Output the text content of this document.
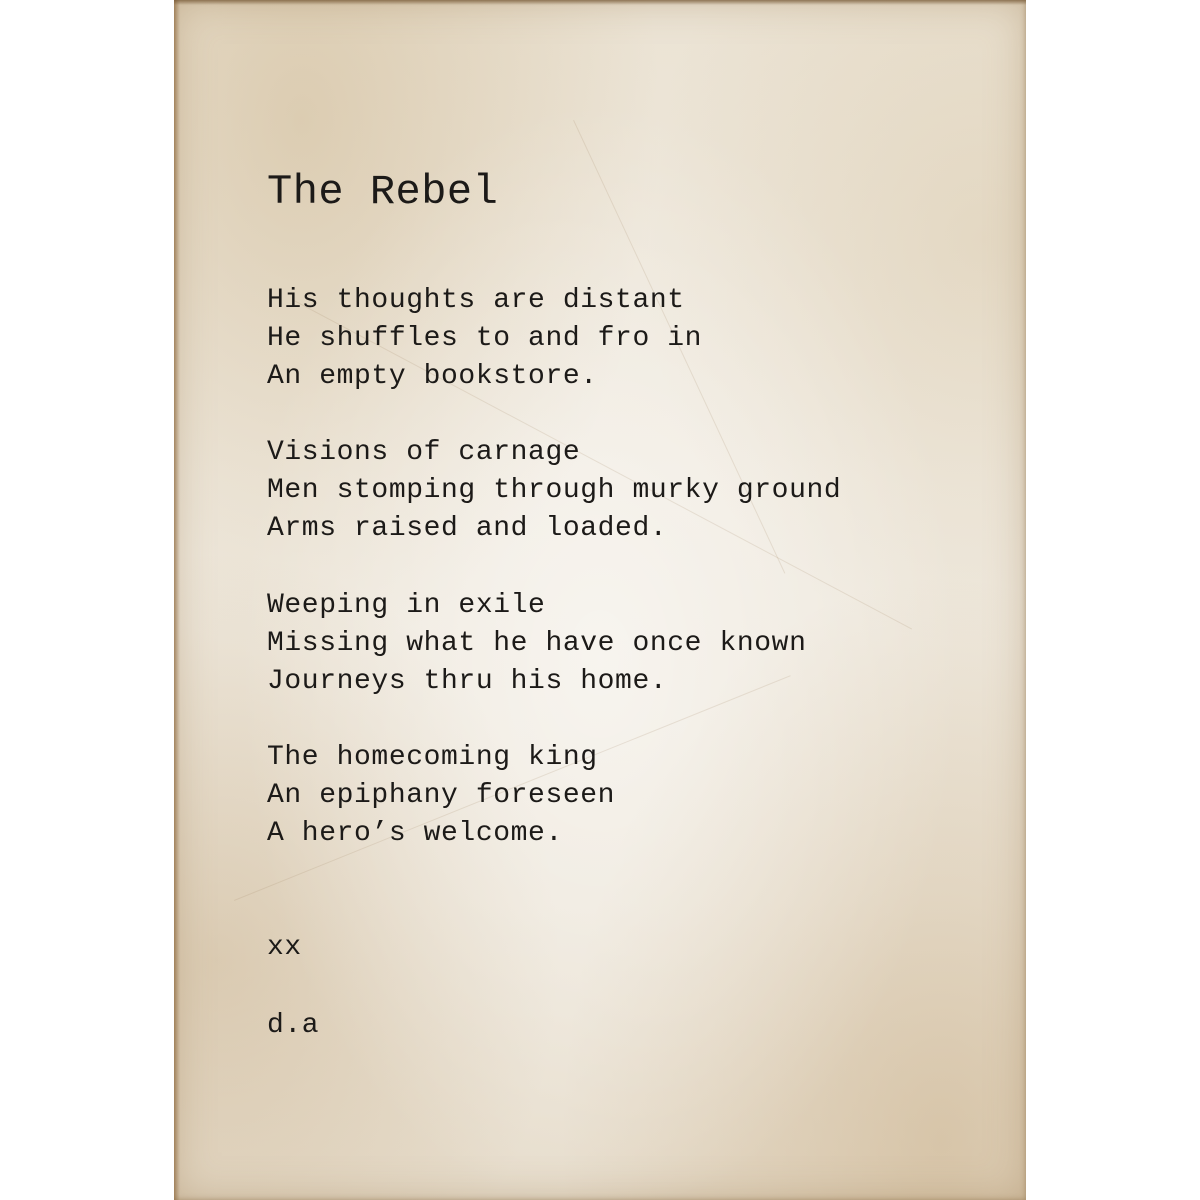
The Rebel
His thoughts are distant
He shuffles to and fro in
An empty bookstore.
Visions of carnage
Men stomping through murky ground
Arms raised and loaded.
Weeping in exile
Missing what he have once known
Journeys thru his home.
The homecoming king
An epiphany foreseen
A hero’s welcome.
xx
d.a
